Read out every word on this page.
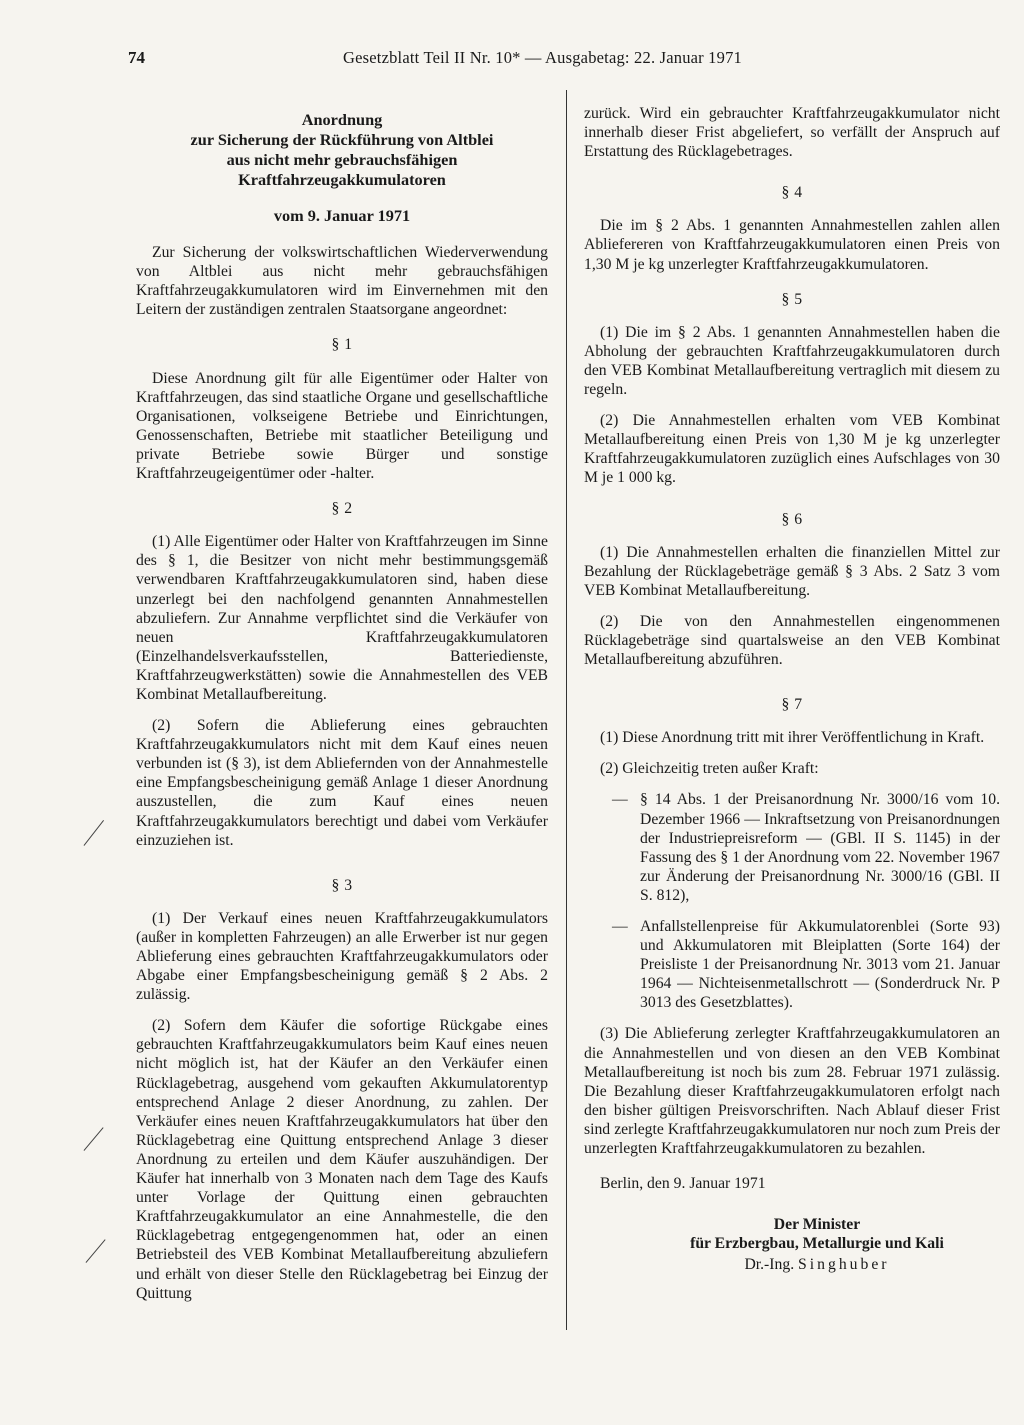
74	Gesetzblatt Teil II Nr. 10* — Ausgabetag: 22. Januar 1971
Anordnung
zur Sicherung der Rückführung von Altblei
aus nicht mehr gebrauchsfähigen
Kraftfahrzeugakkumulatoren
vom 9. Januar 1971

Zur Sicherung der volkswirtschaftlichen Wiederverwendung von Altblei aus nicht mehr gebrauchsfähigen Kraftfahrzeugakkumulatoren wird im Einvernehmen mit den Leitern der zuständigen zentralen Staatsorgane angeordnet:

§ 1

Diese Anordnung gilt für alle Eigentümer oder Halter von Kraftfahrzeugen, das sind staatliche Organe und gesellschaftliche Organisationen, volkseigene Betriebe und Einrichtungen, Genossenschaften, Betriebe mit staatlicher Beteiligung und private Betriebe sowie Bürger und sonstige Kraftfahrzeugeigentümer oder -halter.

§ 2

(1) Alle Eigentümer oder Halter von Kraftfahrzeugen im Sinne des § 1, die Besitzer von nicht mehr bestimmungsgemäß verwendbaren Kraftfahrzeugakkumulatoren sind, haben diese unzerlegt bei den nachfolgend genannten Annahmestellen abzuliefern. Zur Annahme verpflichtet sind die Verkäufer von neuen Kraftfahrzeugakkumulatoren (Einzelhandelsverkaufsstellen, Batteriedienste, Kraftfahrzeugwerkstätten) sowie die Annahmestellen des VEB Kombinat Metallaufbereitung.

(2) Sofern die Ablieferung eines gebrauchten Kraftfahrzeugakkumulators nicht mit dem Kauf eines neuen verbunden ist (§ 3), ist dem Abliefernden von der Annahmestelle eine Empfangsbescheinigung gemäß Anlage 1 dieser Anordnung auszustellen, die zum Kauf eines neuen Kraftfahrzeugakkumulators berechtigt und dabei vom Verkäufer einzuziehen ist.

§ 3

(1) Der Verkauf eines neuen Kraftfahrzeugakkumulators (außer in kompletten Fahrzeugen) an alle Erwerber ist nur gegen Ablieferung eines gebrauchten Kraftfahrzeugakkumulators oder Abgabe einer Empfangsbescheinigung gemäß § 2 Abs. 2 zulässig.

(2) Sofern dem Käufer die sofortige Rückgabe eines gebrauchten Kraftfahrzeugakkumulators beim Kauf eines neuen nicht möglich ist, hat der Käufer an den Verkäufer einen Rücklagebetrag, ausgehend vom gekauften Akkumulatorentyp entsprechend Anlage 2 dieser Anordnung, zu zahlen. Der Verkäufer eines neuen Kraftfahrzeugakkumulators hat über den Rücklagebetrag eine Quittung entsprechend Anlage 3 dieser Anordnung zu erteilen und dem Käufer auszuhändigen. Der Käufer hat innerhalb von 3 Monaten nach dem Tage des Kaufs unter Vorlage der Quittung einen gebrauchten Kraftfahrzeugakkumulator an eine Annahmestelle, die den Rücklagebetrag entgegengenommen hat, oder an einen Betriebsteil des VEB Kombinat Metallaufbereitung abzuliefern und erhält von dieser Stelle den Rücklagebetrag bei Einzug der Quittung

zurück. Wird ein gebrauchter Kraftfahrzeugakkumulator nicht innerhalb dieser Frist abgeliefert, so verfällt der Anspruch auf Erstattung des Rücklagebetrages.

§ 4

Die im § 2 Abs. 1 genannten Annahmestellen zahlen allen Abliefereren von Kraftfahrzeugakkumulatoren einen Preis von 1,30 M je kg unzerlegter Kraftfahrzeugakkumulatoren.

§ 5

(1) Die im § 2 Abs. 1 genannten Annahmestellen haben die Abholung der gebrauchten Kraftfahrzeugakkumulatoren durch den VEB Kombinat Metallaufbereitung vertraglich mit diesem zu regeln.

(2) Die Annahmestellen erhalten vom VEB Kombinat Metallaufbereitung einen Preis von 1,30 M je kg unzerlegter Kraftfahrzeugakkumulatoren zuzüglich eines Aufschlages von 30 M je 1 000 kg.

§ 6

(1) Die Annahmestellen erhalten die finanziellen Mittel zur Bezahlung der Rücklagebeträge gemäß § 3 Abs. 2 Satz 3 vom VEB Kombinat Metallaufbereitung.

(2) Die von den Annahmestellen eingenommenen Rücklagebeträge sind quartalsweise an den VEB Kombinat Metallaufbereitung abzuführen.

§ 7

(1) Diese Anordnung tritt mit ihrer Veröffentlichung in Kraft.

(2) Gleichzeitig treten außer Kraft:

— § 14 Abs. 1 der Preisanordnung Nr. 3000/16 vom 10. Dezember 1966 — Inkraftsetzung von Preisanordnungen der Industriepreisreform — (GBl. II S. 1145) in der Fassung des § 1 der Anordnung vom 22. November 1967 zur Änderung der Preisanordnung Nr. 3000/16 (GBl. II S. 812),
— Anfallstellenpreise für Akkumulatorenblei (Sorte 93) und Akkumulatoren mit Bleiplatten (Sorte 164) der Preisliste 1 der Preisanordnung Nr. 3013 vom 21. Januar 1964 — Nichteisenmetallschrott — (Sonderdruck Nr. P 3013 des Gesetzblattes).

(3) Die Ablieferung zerlegter Kraftfahrzeugakkumulatoren an die Annahmestellen und von diesen an den VEB Kombinat Metallaufbereitung ist noch bis zum 28. Februar 1971 zulässig. Die Bezahlung dieser Kraftfahrzeugakkumulatoren erfolgt nach den bisher gültigen Preisvorschriften. Nach Ablauf dieser Frist sind zerlegte Kraftfahrzeugakkumulatoren nur noch zum Preis der unzerlegten Kraftfahrzeugakkumulatoren zu bezahlen.

Berlin, den 9. Januar 1971

Der Minister
für Erzbergbau, Metallurgie und Kali
Dr.-Ing. Singhuber
